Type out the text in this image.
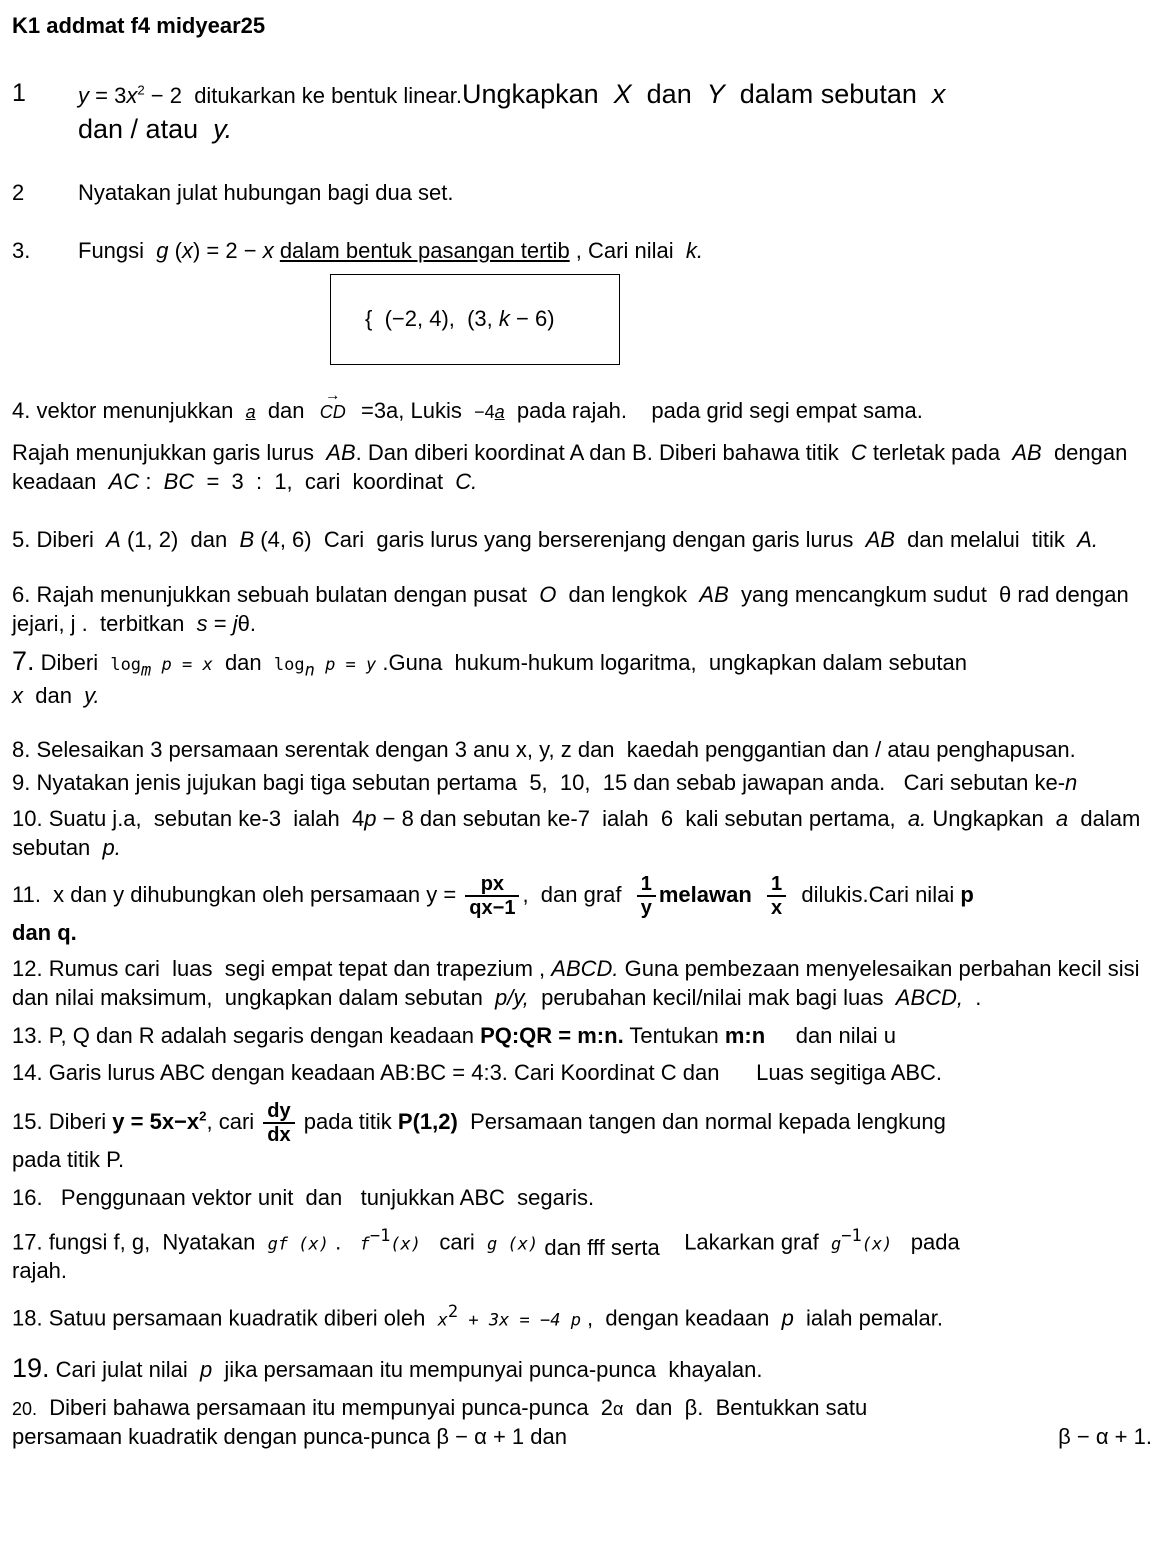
K1 addmat f4 midyear25
1	$y = 3x^2 - 2$  ditukarkan ke bentuk linear.Ungkapkan  X  dan  Y  dalam sebutan  x
dan / atau  y.
2	Nyatakan julat hubungan bagi dua set.
3.	Fungsi  g (x) = 2 − x dalam bentuk pasangan tertib , Cari nilai  k.
{  (−2, 4),  (3, k − 6)
4. vektor menunjukkan  a  dan  → CD  =3a, Lukis  −4a  pada rajah.    pada grid segi empat sama.
Rajah menunjukkan garis lurus  AB. Dan diberi koordinat A dan B. Diberi bahawa titik  C terletak pada  AB  dengan keadaan  AC :  BC  =  3  :  1,  cari  koordinat  C.
5. Diberi  A (1, 2)  dan  B (4, 6)  Cari  garis lurus yang berserenjang dengan garis lurus  AB  dan melalui  titik  A.
6. Rajah menunjukkan sebuah bulatan dengan pusat  O  dan lengkok  AB  yang mencangkum sudut  θ rad dengan jejari, j .  terbitkan  s = jθ.
7. Diberi  $\log_m p = x$  dan  $\log_n p = y$ .Guna  hukum-hukum logaritma,  ungkapkan dalam sebutan
x  dan  y.
8. Selesaikan 3 persamaan serentak dengan 3 anu x, y, z dan  kaedah penggantian dan / atau penghapusan.
9. Nyatakan jenis jujukan bagi tiga sebutan pertama  5,  10,  15 dan sebab jawapan anda.   Cari sebutan ke-n
10. Suatu j.a,  sebutan ke-3  ialah  4p − 8 dan sebutan ke-7  ialah  6  kali sebutan pertama,  a. Ungkapkan  a  dalam sebutan  p.
11.  x dan y dihubungkan oleh persamaan $y = \frac{px}{qx-1}$ ,  dan graf $\frac{1}{y}$ melawan $\frac{1}{x}$ dilukis.Cari nilai p
dan q.
12. Rumus cari  luas  segi empat tepat dan trapezium , ABCD. Guna pembezaan menyelesaikan perbahan kecil sisi dan nilai maksimum,  ungkapkan dalam sebutan  p/y,  perubahan kecil/nilai mak bagi luas  ABCD,  .
13. P, Q dan R adalah segaris dengan keadaan PQ:QR = m:n. Tentukan m:n     dan nilai u
14. Garis lurus ABC dengan keadaan AB:BC = 4:3. Cari Koordinat C dan      Luas segitiga ABC.
15. Diberi $y = 5x-x^2$, cari $\frac{dy}{dx}$ pada titik P(1,2)  Persamaan tangen dan normal kepada lengkung
pada titik P.
16.   Penggunaan vektor unit  dan   tunjukkan ABC  segaris.
17. fungsi f, g,  Nyatakan  gf (x) .   $f^{-1}(x)$   cari  g (x) dan fff serta    Lakarkan graf  $g^{-1}(x)$   pada
rajah.
18. Satuu persamaan kuadratik diberi oleh  $x^2 + 3x = -4$ p ,  dengan keadaan  p  ialah pemalar.
19. Cari julat nilai  p  jika persamaan itu mempunyai punca-punca  khayalan.
20.  Diberi bahawa persamaan itu mempunyai punca-punca  2α  dan  β.  Bentukkan satu
persamaan kuadratik dengan punca-punca β − α + 1 dan	β − α + 1.
